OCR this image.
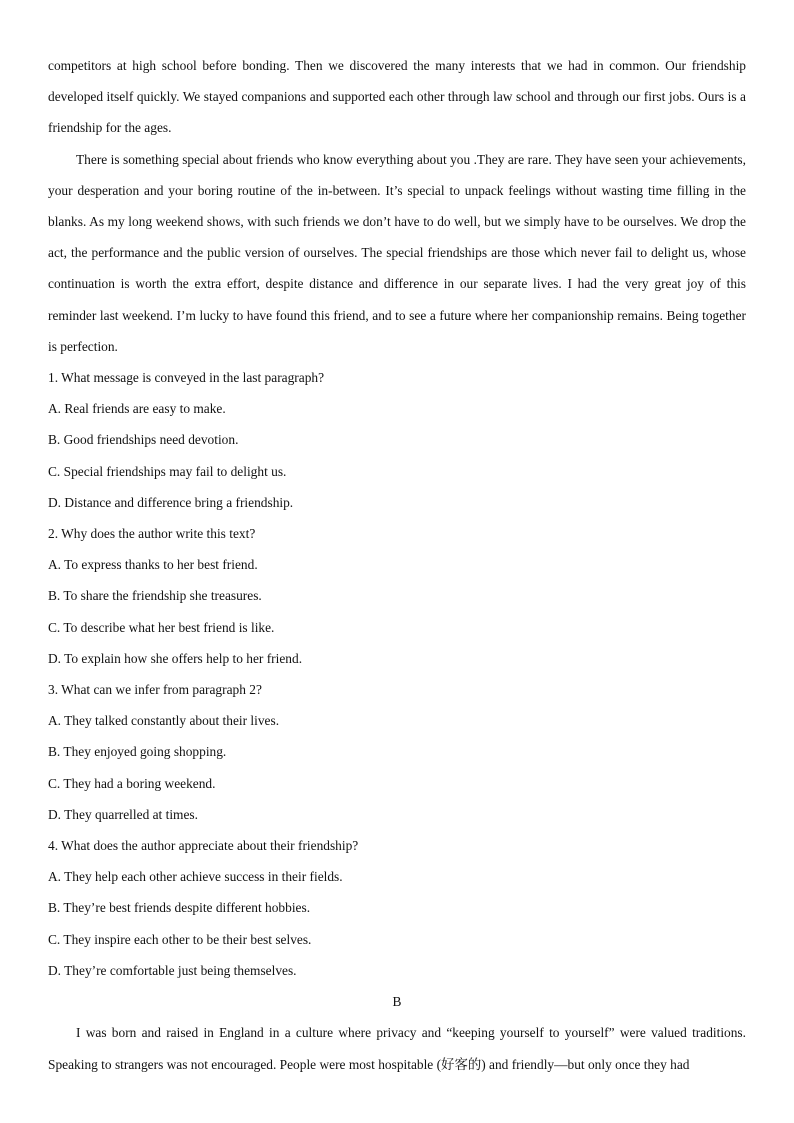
competitors at high school before bonding. Then we discovered the many interests that we had in common. Our friendship developed itself quickly. We stayed companions and supported each other through law school and through our first jobs. Ours is a friendship for the ages.

There is something special about friends who know everything about you .They are rare. They have seen your achievements, your desperation and your boring routine of the in-between. It’s special to unpack feelings without wasting time filling in the blanks. As my long weekend shows, with such friends we don’t have to do well, but we simply have to be ourselves. We drop the act, the performance and the public version of ourselves. The special friendships are those which never fail to delight us, whose continuation is worth the extra effort, despite distance and difference in our separate lives. I had the very great joy of this reminder last weekend. I’m lucky to have found this friend, and to see a future where her companionship remains. Being together is perfection.

1. What message is conveyed in the last paragraph?

A. Real friends are easy to make.

B. Good friendships need devotion.

C. Special friendships may fail to delight us.

D. Distance and difference bring a friendship.

2. Why does the author write this text?

A. To express thanks to her best friend.

B. To share the friendship she treasures.

C. To describe what her best friend is like.

D. To explain how she offers help to her friend.

3. What can we infer from paragraph 2?

A. They talked constantly about their lives.

B. They enjoyed going shopping.

C. They had a boring weekend.

D. They quarrelled at times.

4. What does the author appreciate about their friendship?

A. They help each other achieve success in their fields.

B. They’re best friends despite different hobbies.

C. They inspire each other to be their best selves.

D. They’re comfortable just being themselves.

B

I was born and raised in England in a culture where privacy and “keeping yourself to yourself” were valued traditions. Speaking to strangers was not encouraged. People were most hospitable (好客的) and friendly—but only once they had
